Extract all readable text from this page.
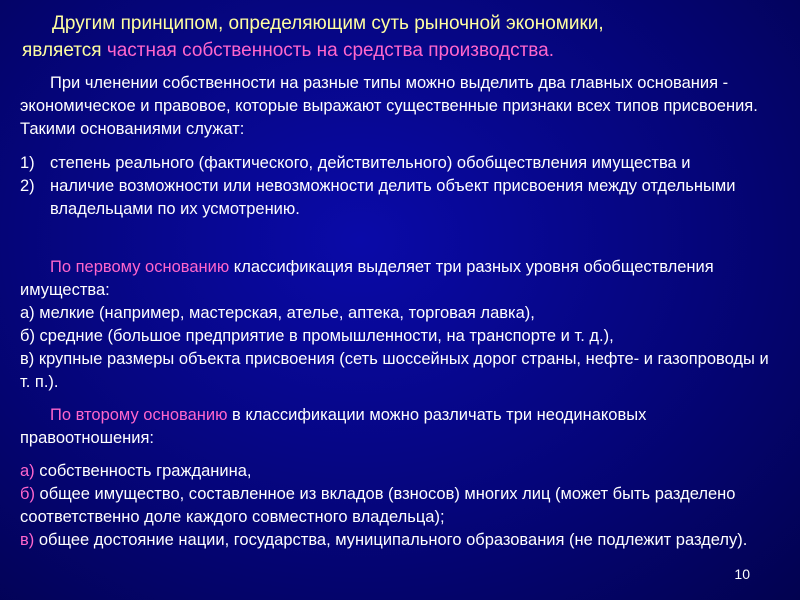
Другим принципом, определяющим суть рыночной экономики,
является частная собственность на средства производства.
При членении собственности на разные типы можно выделить два главных основания - экономическое и правовое, которые выражают существенные признаки всех типов присвоения. Такими основаниями служат:
1) степень реального (фактического, действительного) обобществления имущества и
2) наличие возможности или невозможности делить объект присвоения между отдельными владельцами по их усмотрению.
По первому основанию классификация выделяет три разных уровня обобществления имущества:
а) мелкие (например, мастерская, ателье, аптека, торговая лавка),
б) средние (большое предприятие в промышленности, на транспорте и т. д.),
в) крупные размеры объекта присвоения (сеть шоссейных дорог страны, нефте- и газопроводы и т. п.).
По второму основанию в классификации можно различать три неодинаковых правоотношения:
а) собственность гражданина,
б) общее имущество, составленное из вкладов (взносов) многих лиц (может быть разделено соответственно доле каждого совместного владельца);
в) общее достояние нации, государства, муниципального образования (не подлежит разделу).
10
